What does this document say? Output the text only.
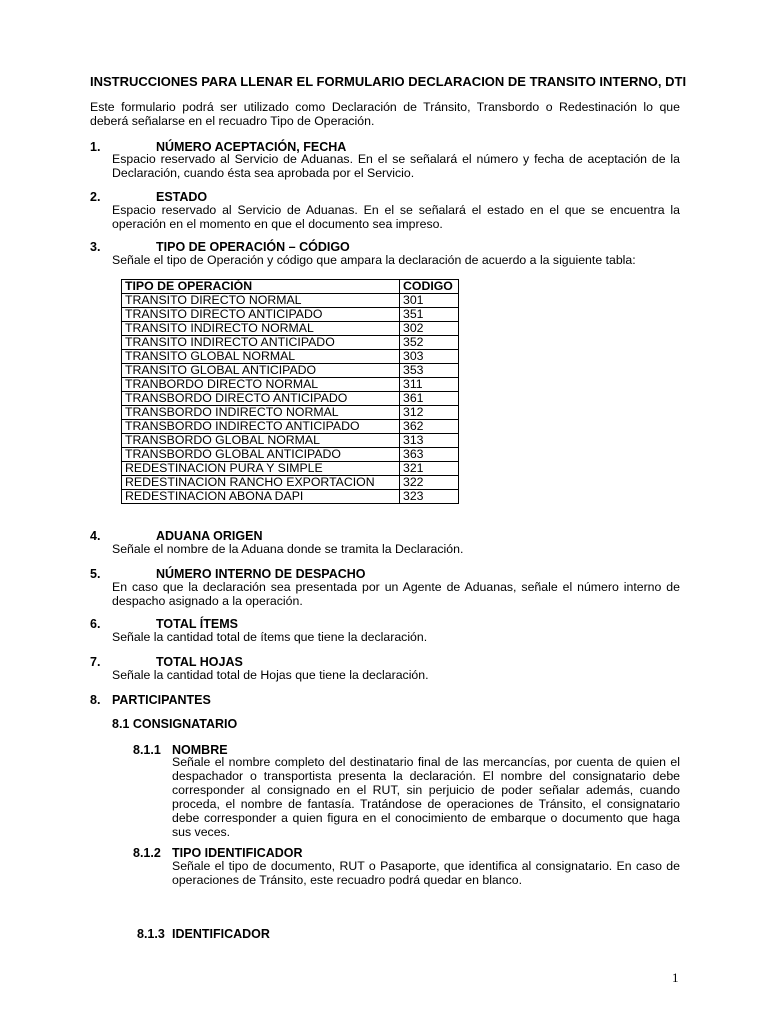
INSTRUCCIONES PARA LLENAR EL FORMULARIO DECLARACION DE TRANSITO INTERNO, DTI
Este formulario podrá ser utilizado como Declaración de Tránsito, Transbordo o Redestinación lo que deberá señalarse en el recuadro Tipo de Operación.
1.	NÚMERO ACEPTACIÓN, FECHA
Espacio reservado al Servicio de Aduanas. En el se señalará el número y fecha de aceptación de la Declaración, cuando ésta sea aprobada por el Servicio.
2.	ESTADO
Espacio reservado al Servicio de Aduanas. En el se señalará el estado en el que se encuentra la operación en el momento en que el documento sea impreso.
3.	TIPO DE OPERACIÓN – CÓDIGO
Señale el tipo de Operación y código que ampara la declaración de acuerdo a la siguiente tabla:
TIPO DE OPERACIÓN	CODIGO
TRANSITO DIRECTO NORMAL	301
TRANSITO DIRECTO ANTICIPADO	351
TRANSITO INDIRECTO NORMAL	302
TRANSITO INDIRECTO ANTICIPADO	352
TRANSITO GLOBAL NORMAL	303
TRANSITO GLOBAL ANTICIPADO	353
TRANBORDO DIRECTO NORMAL	311
TRANSBORDO DIRECTO ANTICIPADO	361
TRANSBORDO INDIRECTO NORMAL	312
TRANSBORDO INDIRECTO ANTICIPADO	362
TRANSBORDO GLOBAL NORMAL	313
TRANSBORDO GLOBAL ANTICIPADO	363
REDESTINACION PURA Y SIMPLE	321
REDESTINACION RANCHO EXPORTACION	322
REDESTINACION ABONA DAPI	323
4.	ADUANA ORIGEN
Señale el nombre de la Aduana donde se tramita la Declaración.
5.	NÚMERO INTERNO DE DESPACHO
En caso que la declaración sea presentada por un Agente de Aduanas, señale el número interno de despacho asignado a la operación.
6.	TOTAL ÍTEMS
Señale la cantidad total de ítems que tiene la declaración.
7.	TOTAL HOJAS
Señale la cantidad total de Hojas que tiene la declaración.
8. PARTICIPANTES
8.1 CONSIGNATARIO
8.1.1 NOMBRE
Señale el nombre completo del destinatario final de las mercancías, por cuenta de quien el despachador o transportista presenta la declaración. El nombre del consignatario debe corresponder al consignado en el RUT, sin perjuicio de poder señalar además, cuando proceda, el nombre de fantasía. Tratándose de operaciones de Tránsito, el consignatario debe corresponder a quien figura en el conocimiento de embarque o documento que haga sus veces.
8.1.2 TIPO IDENTIFICADOR
Señale el tipo de documento, RUT o Pasaporte, que identifica al consignatario. En caso de operaciones de Tránsito, este recuadro podrá quedar en blanco.
8.1.3 IDENTIFICADOR
1
